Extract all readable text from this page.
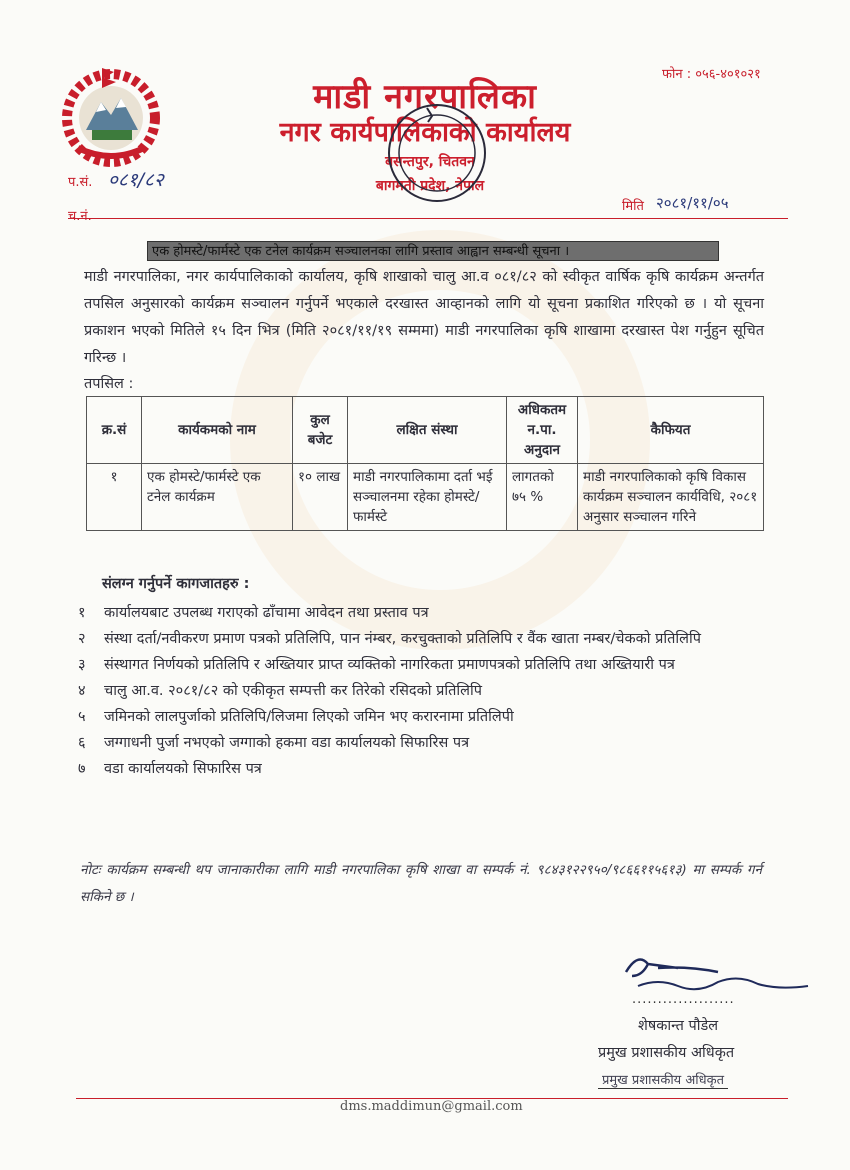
माडी नगरपालिका
नगर कार्यपालिकाको कार्यालय
बसन्तपुर, चितवन
बागमती प्रदेश, नेपाल
फोन : ०५६-४०१०२१
प.सं. ०८१/८२
च.नं.
मिति २०८१/११/०५
एक होमस्टे/फार्मस्टे एक टनेल कार्यक्रम सञ्चालनका लागि प्रस्ताव आह्वान सम्बन्धी सूचना ।
माडी नगरपालिका, नगर कार्यपालिकाको कार्यालय, कृषि शाखाको चालु आ.व ०८१/८२ को स्वीकृत वार्षिक कृषि कार्यक्रम अन्तर्गत तपसिल अनुसारको कार्यक्रम सञ्चालन गर्नुपर्ने भएकाले दरखास्त आव्हानको लागि यो सूचना प्रकाशित गरिएको छ । यो सूचना प्रकाशन भएको मितिले १५ दिन भित्र (मिति २०८१/११/१९ सम्ममा) माडी नगरपालिका कृषि शाखामा दरखास्त पेश गर्नुहुन सूचित गरिन्छ ।
तपसिल :
क्र.सं	कार्यकमको नाम	कुल बजेट	लक्षित संस्था	अधिकतम न.पा. अनुदान	कैफियत
१	एक होमस्टे/फार्मस्टे एक टनेल कार्यक्रम	१० लाख	माडी नगरपालिकामा दर्ता भई सञ्चालनमा रहेका होमस्टे/फार्मस्टे	लागतको ७५ %	माडी नगरपालिकाको कृषि विकास कार्यक्रम सञ्चालन कार्यविधि, २०८१ अनुसार सञ्चालन गरिने
संलग्न गर्नुपर्ने कागजातहरु :
१	कार्यालयबाट उपलब्ध गराएको ढाँचामा आवेदन तथा प्रस्ताव पत्र
२	संस्था दर्ता/नवीकरण प्रमाण पत्रको प्रतिलिपि, पान नंम्बर, करचुक्ताको प्रतिलिपि र वैंक खाता नम्बर/चेकको प्रतिलिपि
३	संस्थागत निर्णयको प्रतिलिपि र अख्तियार प्राप्त व्यक्तिको नागरिकता प्रमाणपत्रको प्रतिलिपि तथा अख्तियारी पत्र
४	चालु आ.व. २०८१/८२ को एकीकृत सम्पत्ती कर तिरेको रसिदको प्रतिलिपि
५	जमिनको लालपुर्जाको प्रतिलिपि/लिजमा लिएको जमिन भए करारनामा प्रतिलिपी
६	जग्गाधनी पुर्जा नभएको जग्गाको हकमा वडा कार्यालयको सिफारिस पत्र
७	वडा कार्यालयको सिफारिस पत्र
नोटः कार्यक्रम सम्बन्धी थप जानाकारीका लागि माडी नगरपालिका कृषि शाखा वा सम्पर्क नं. ९८४३१२२९५०/९८६६११५६१३) मा सम्पर्क गर्न सकिने छ ।
....................
शेषकान्त पौडेल
प्रमुख प्रशासकीय अधिकृत
प्रमुख प्रशासकीय अधिकृत
dms.maddimun@gmail.com
